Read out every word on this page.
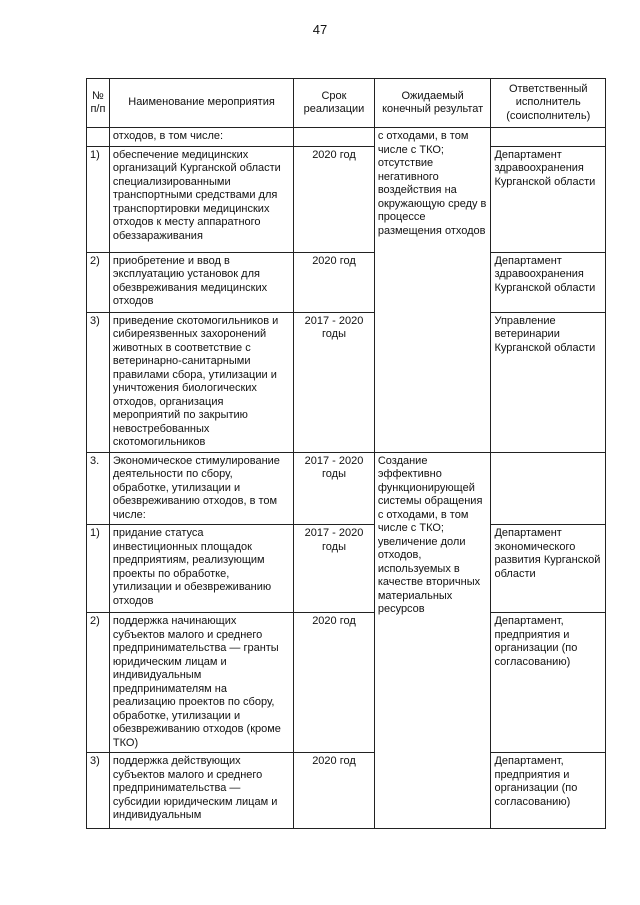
47
№ п/п	Наименование мероприятия	Срок реализации	Ожидаемый конечный результат	Ответственный исполнитель (соисполнитель)
	отходов, в том числе:		с отходами, в том числе с ТКО; отсутствие негативного воздействия на окружающую среду в процессе размещения отходов	
1)	обеспечение медицинских организаций Курганской области специализированными транспортными средствами для транспортировки медицинских отходов к месту аппаратного обеззараживания	2020 год		Департамент здравоохранения Курганской области
2)	приобретение и ввод в эксплуатацию установок для обезвреживания медицинских отходов	2020 год		Департамент здравоохранения Курганской области
3)	приведение скотомогильников и сибиреязвенных захоронений животных в соответствие с ветеринарно-санитарными правилами сбора, утилизации и уничтожения биологических отходов, организация мероприятий по закрытию невостребованных скотомогильников	2017 - 2020 годы		Управление ветеринарии Курганской области
3.	Экономическое стимулирование деятельности по сбору, обработке, утилизации и обезвреживанию отходов, в том числе:	2017 - 2020 годы	Создание эффективно функционирующей системы обращения с отходами, в том числе с ТКО; увеличение доли отходов, используемых в качестве вторичных материальных ресурсов	
1)	придание статуса инвестиционных площадок предприятиям, реализующим проекты по обработке, утилизации и обезвреживанию отходов	2017 - 2020 годы		Департамент экономического развития Курганской области
2)	поддержка начинающих субъектов малого и среднего предпринимательства — гранты юридическим лицам и индивидуальным предпринимателям на реализацию проектов по сбору, обработке, утилизации и обезвреживанию отходов (кроме ТКО)	2020 год		Департамент, предприятия и организации (по согласованию)
3)	поддержка действующих субъектов малого и среднего предпринимательства — субсидии юридическим лицам и индивидуальным	2020 год		Департамент, предприятия и организации (по согласованию)
